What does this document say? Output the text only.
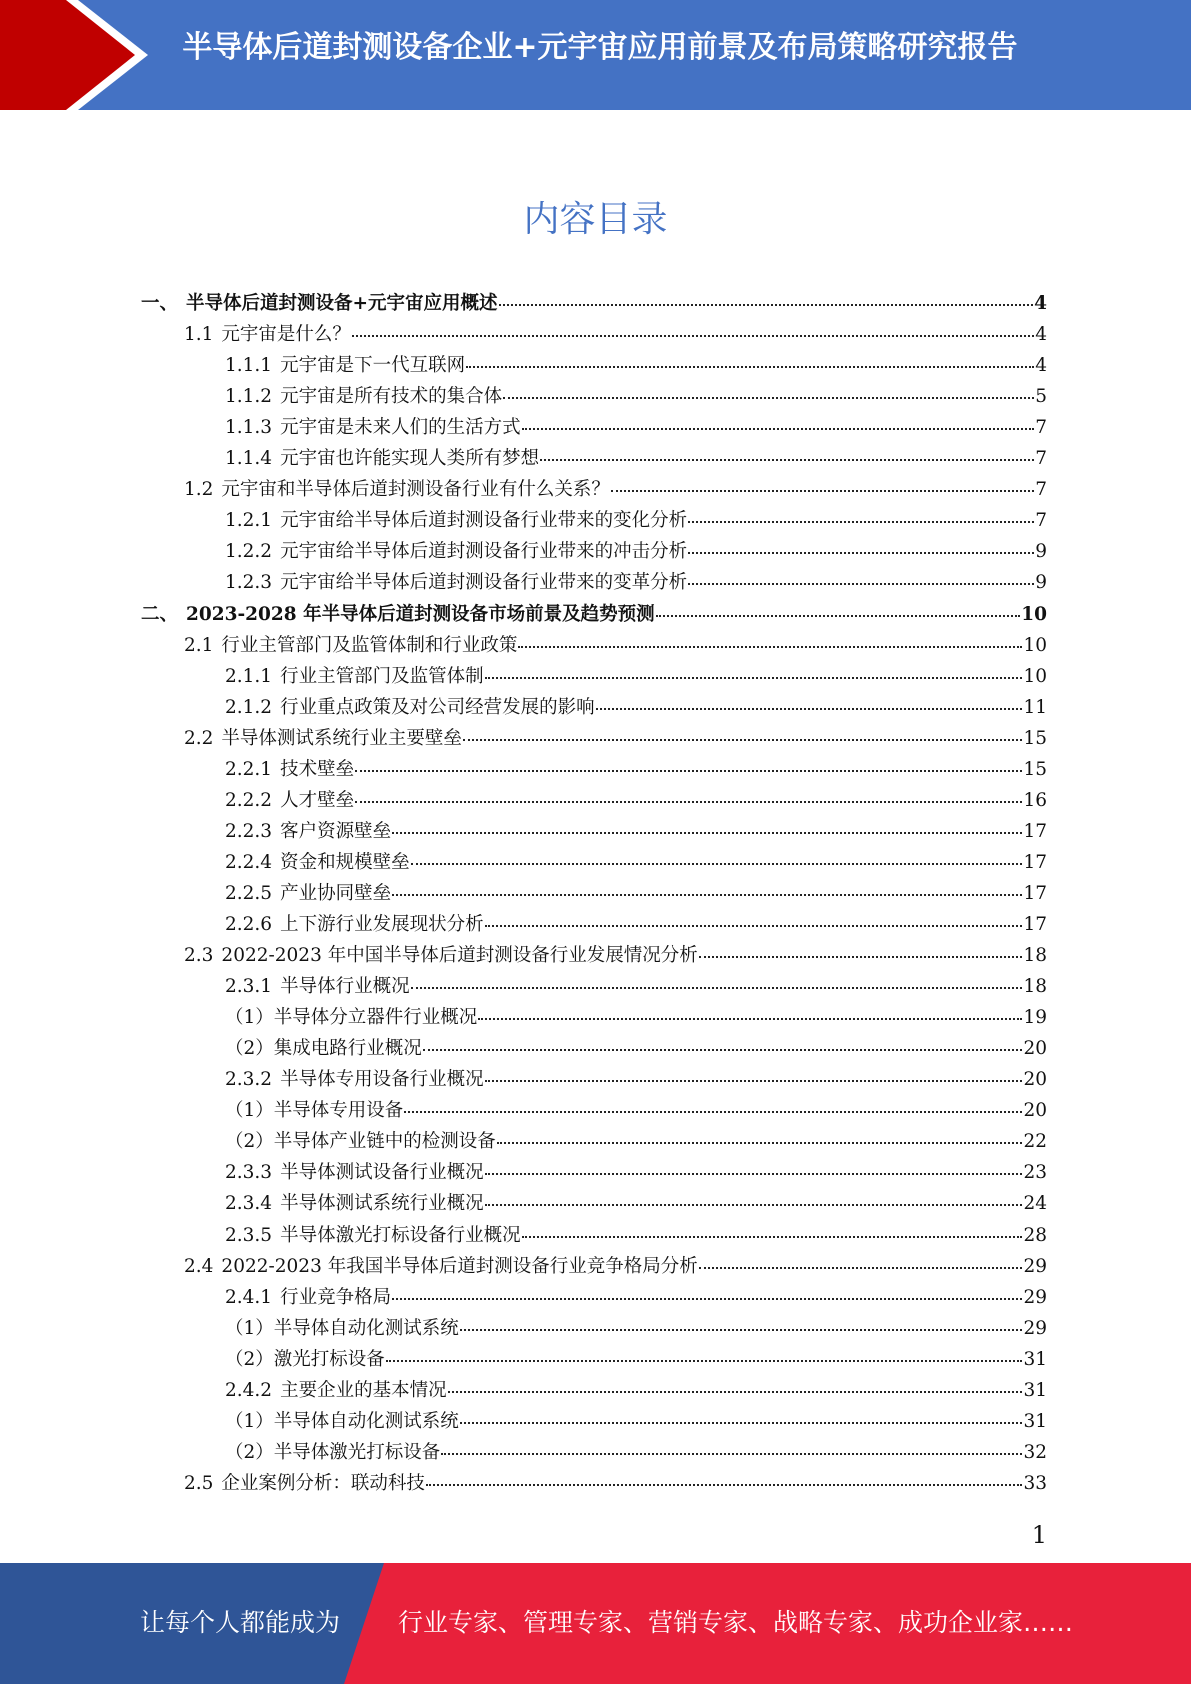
半导体后道封测设备企业+元宇宙应用前景及布局策略研究报告
内容目录
一、 半导体后道封测设备+元宇宙应用概述	4
1.1 元宇宙是什么？	4
1.1.1 元宇宙是下一代互联网	4
1.1.2 元宇宙是所有技术的集合体	5
1.1.3 元宇宙是未来人们的生活方式	7
1.1.4 元宇宙也许能实现人类所有梦想	7
1.2 元宇宙和半导体后道封测设备行业有什么关系？	7
1.2.1 元宇宙给半导体后道封测设备行业带来的变化分析	7
1.2.2 元宇宙给半导体后道封测设备行业带来的冲击分析	9
1.2.3 元宇宙给半导体后道封测设备行业带来的变革分析	9
二、 2023-2028 年半导体后道封测设备市场前景及趋势预测	10
2.1 行业主管部门及监管体制和行业政策	10
2.1.1 行业主管部门及监管体制	10
2.1.2 行业重点政策及对公司经营发展的影响	11
2.2 半导体测试系统行业主要壁垒	15
2.2.1 技术壁垒	15
2.2.2 人才壁垒	16
2.2.3 客户资源壁垒	17
2.2.4 资金和规模壁垒	17
2.2.5 产业协同壁垒	17
2.2.6 上下游行业发展现状分析	17
2.3 2022-2023 年中国半导体后道封测设备行业发展情况分析	18
2.3.1 半导体行业概况	18
（1） 半导体分立器件行业概况	19
（2） 集成电路行业概况	20
2.3.2 半导体专用设备行业概况	20
（1） 半导体专用设备	20
（2） 半导体产业链中的检测设备	22
2.3.3 半导体测试设备行业概况	23
2.3.4 半导体测试系统行业概况	24
2.3.5 半导体激光打标设备行业概况	28
2.4 2022-2023 年我国半导体后道封测设备行业竞争格局分析	29
2.4.1 行业竞争格局	29
（1） 半导体自动化测试系统	29
（2） 激光打标设备	31
2.4.2 主要企业的基本情况	31
（1） 半导体自动化测试系统	31
（2） 半导体激光打标设备	32
2.5 企业案例分析：联动科技	33
1
让每个人都能成为 行业专家、管理专家、营销专家、战略专家、成功企业家……
